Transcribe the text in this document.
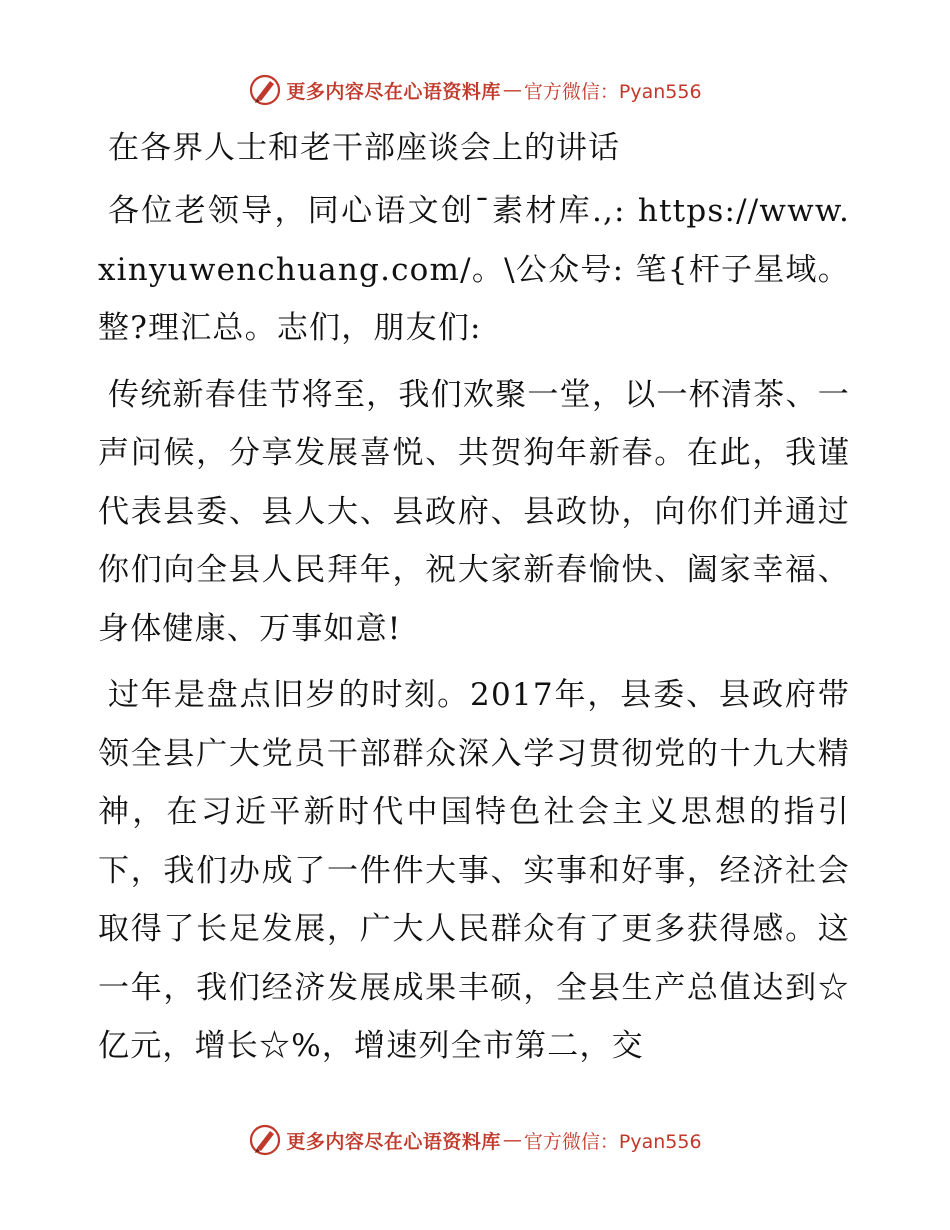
更多内容尽在心语资料库 — 官方微信：Pyan556
在各界人士和老干部座谈会上的讲话

各位老领导，同心语文创¯素材库.,: https://www.xinyuwenchuang.com/。\公众号: 笔{杆子星域。整?理汇总。志们，朋友们:

传统新春佳节将至，我们欢聚一堂，以一杯清茶、一声问候，分享发展喜悦、共贺狗年新春。在此，我谨代表县委、县人大、县政府、县政协，向你们并通过你们向全县人民拜年，祝大家新春愉快、阖家幸福、身体健康、万事如意!

过年是盘点旧岁的时刻。2017年，县委、县政府带领全县广大党员干部群众深入学习贯彻党的十九大精神，在习近平新时代中国特色社会主义思想的指引下，我们办成了一件件大事、实事和好事，经济社会取得了长足发展，广大人民群众有了更多获得感。这一年，我们经济发展成果丰硕，全县生产总值达到☆亿元，增长☆%，增速列全市第二，交

更多内容尽在心语资料库 — 官方微信：Pyan556
